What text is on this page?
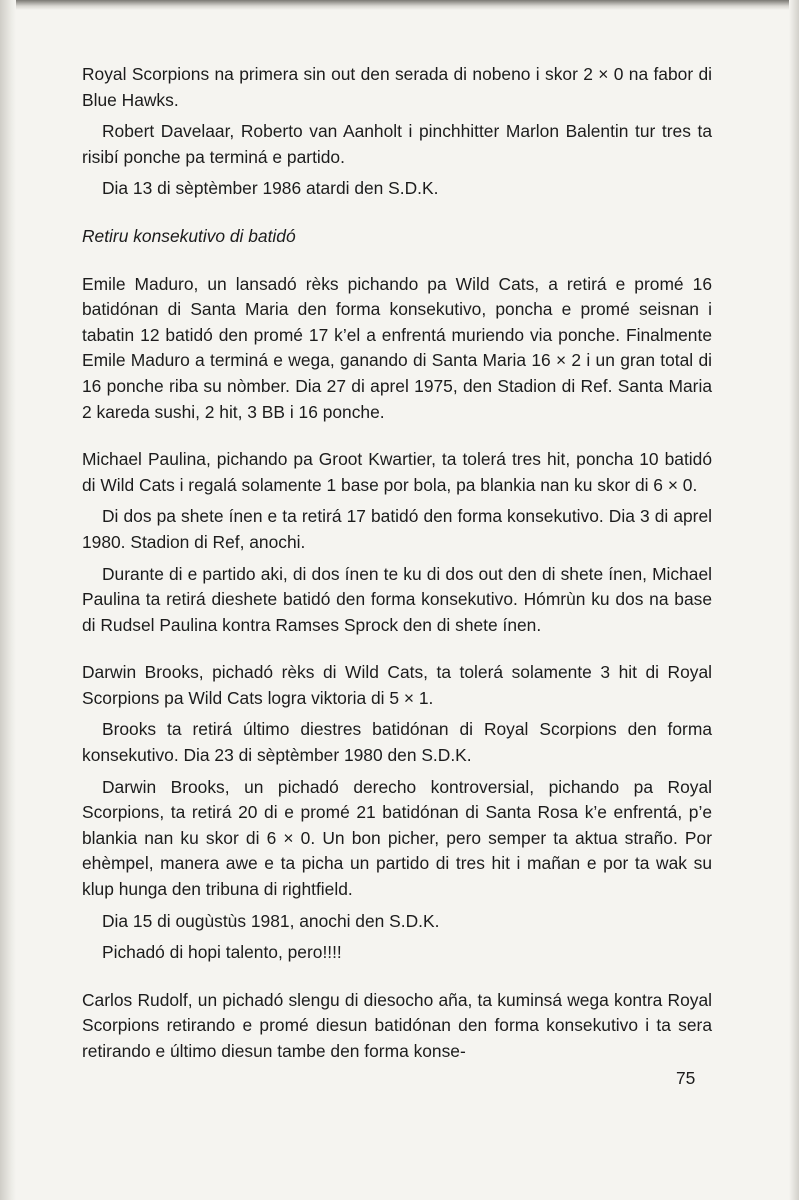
Royal Scorpions na primera sin out den serada di nobeno i skor 2 × 0 na fabor di Blue Hawks.

Robert Davelaar, Roberto van Aanholt i pinchhitter Marlon Balentin tur tres ta risibí ponche pa terminá e partido.

Dia 13 di sèptèmber 1986 atardi den S.D.K.

Retiru konsekutivo di batidó

Emile Maduro, un lansadó rèks pichando pa Wild Cats, a retirá e promé 16 batidónan di Santa Maria den forma konsekutivo, poncha e promé seisnan i tabatin 12 batidó den promé 17 k’el a enfrentá muriendo via ponche. Finalmente Emile Maduro a terminá e wega, ganando di Santa Maria 16 × 2 i un gran total di 16 ponche riba su nòmber. Dia 27 di aprel 1975, den Stadion di Ref. Santa Maria 2 kareda sushi, 2 hit, 3 BB i 16 ponche.

Michael Paulina, pichando pa Groot Kwartier, ta tolerá tres hit, poncha 10 batidó di Wild Cats i regalá solamente 1 base por bola, pa blankia nan ku skor di 6 × 0.

Di dos pa shete ínen e ta retirá 17 batidó den forma konsekutivo. Dia 3 di aprel 1980. Stadion di Ref, anochi.

Durante di e partido aki, di dos ínen te ku di dos out den di shete ínen, Michael Paulina ta retirá dieshete batidó den forma konsekutivo. Hómrùn ku dos na base di Rudsel Paulina kontra Ramses Sprock den di shete ínen.

Darwin Brooks, pichadó rèks di Wild Cats, ta tolerá solamente 3 hit di Royal Scorpions pa Wild Cats logra viktoria di 5 × 1.

Brooks ta retirá último diestres batidónan di Royal Scorpions den forma konsekutivo. Dia 23 di sèptèmber 1980 den S.D.K.

Darwin Brooks, un pichadó derecho kontroversial, pichando pa Royal Scorpions, ta retirá 20 di e promé 21 batidónan di Santa Rosa k’e enfrentá, p’e blankia nan ku skor di 6 × 0. Un bon picher, pero semper ta aktua straño. Por ehèmpel, manera awe e ta picha un partido di tres hit i mañan e por ta wak su klup hunga den tribuna di rightfield.

Dia 15 di ougùstùs 1981, anochi den S.D.K.

Pichadó di hopi talento, pero!!!!

Carlos Rudolf, un pichadó slengu di diesocho aña, ta kuminsá wega kontra Royal Scorpions retirando e promé diesun batidónan den forma konsekutivo i ta sera retirando e último diesun tambe den forma konse-

75
